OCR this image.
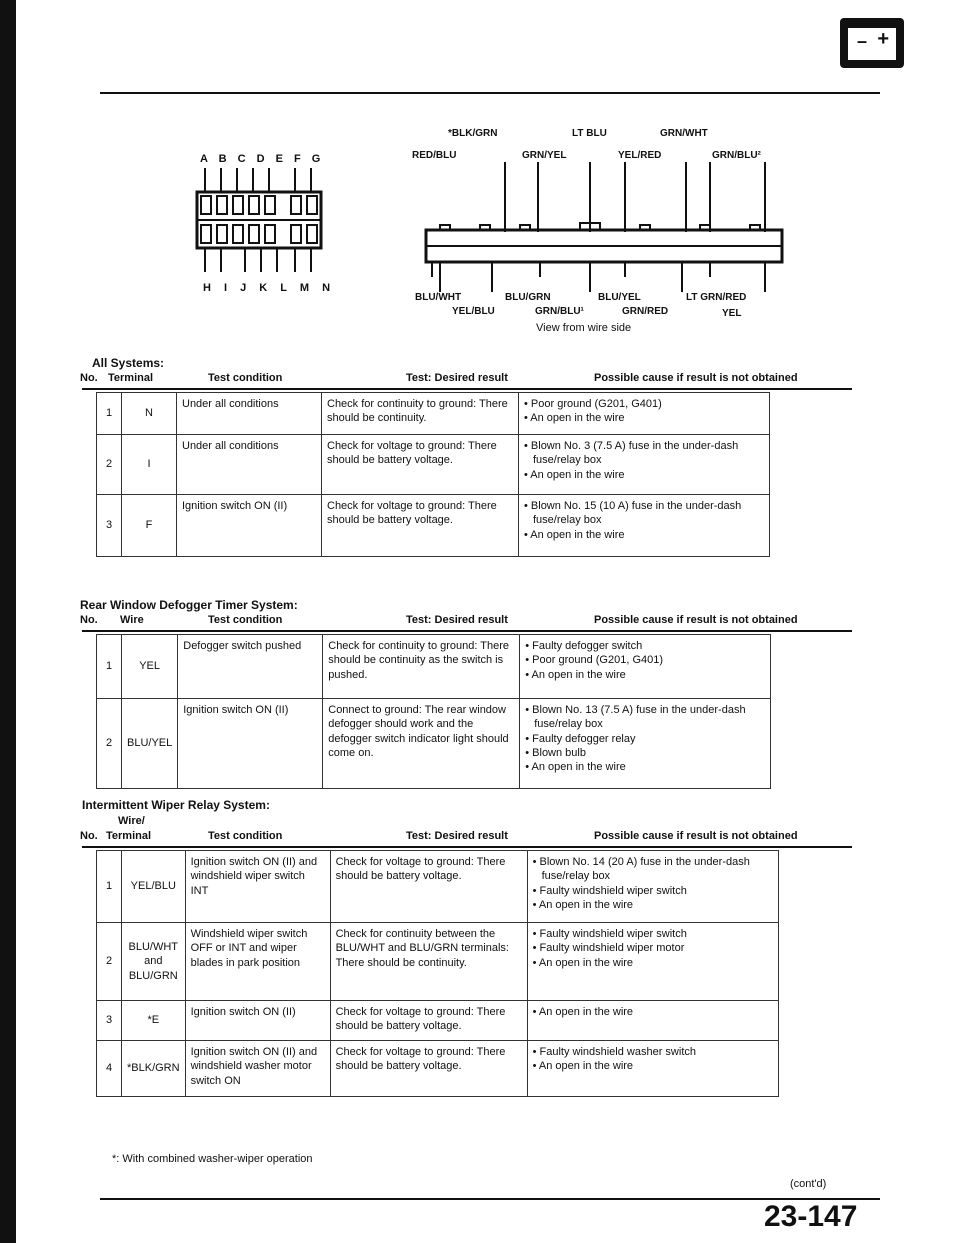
– +
A B C D E F G
H I J K L M N
*BLK/GRN	LT BLU	GRN/WHT
RED/BLU	GRN/YEL	YEL/RED	GRN/BLU²
BLU/WHT	BLU/GRN	BLU/YEL	LT GRN/RED
YEL/BLU	GRN/BLU¹	GRN/RED	YEL
View from wire side
All Systems:
No. Terminal	Test condition	Test: Desired result	Possible cause if result is not obtained
1	N	Under all conditions	Check for continuity to ground: There should be continuity.	• Poor ground (G201, G401)
• An open in the wire

2	I	Under all conditions	Check for voltage to ground: There should be battery voltage.	• Blown No. 3 (7.5 A) fuse in the under-dash fuse/relay box
• An open in the wire

3	F	Ignition switch ON (II)	Check for voltage to ground: There should be battery voltage.	• Blown No. 15 (10 A) fuse in the under-dash fuse/relay box
• An open in the wire
Rear Window Defogger Timer System:
No. Wire	Test condition	Test: Desired result	Possible cause if result is not obtained
1	YEL	Defogger switch pushed	Check for continuity to ground: There should be continuity as the switch is pushed.	• Faulty defogger switch
• Poor ground (G201, G401)
• An open in the wire

2	BLU/YEL	Ignition switch ON (II)	Connect to ground: The rear window defogger should work and the defogger switch indicator light should come on.	• Blown No. 13 (7.5 A) fuse in the under-dash fuse/relay box
• Faulty defogger relay
• Blown bulb
• An open in the wire
Intermittent Wiper Relay System:
Wire/
No. Terminal	Test condition	Test: Desired result	Possible cause if result is not obtained
1	YEL/BLU	Ignition switch ON (II) and windshield wiper switch INT	Check for voltage to ground: There should be battery voltage.	• Blown No. 14 (20 A) fuse in the under-dash fuse/relay box
• Faulty windshield wiper switch
• An open in the wire

2	BLU/WHT and BLU/GRN	Windshield wiper switch OFF or INT and wiper blades in park position	Check for continuity between the BLU/WHT and BLU/GRN terminals: There should be continuity.	• Faulty windshield wiper switch
• Faulty windshield wiper motor
• An open in the wire

3	*E	Ignition switch ON (II)	Check for voltage to ground: There should be battery voltage.	• An open in the wire

4	*BLK/GRN	Ignition switch ON (II) and windshield washer motor switch ON	Check for voltage to ground: There should be battery voltage.	• Faulty windshield washer switch
• An open in the wire
*: With combined washer-wiper operation
(cont'd)
23-147
